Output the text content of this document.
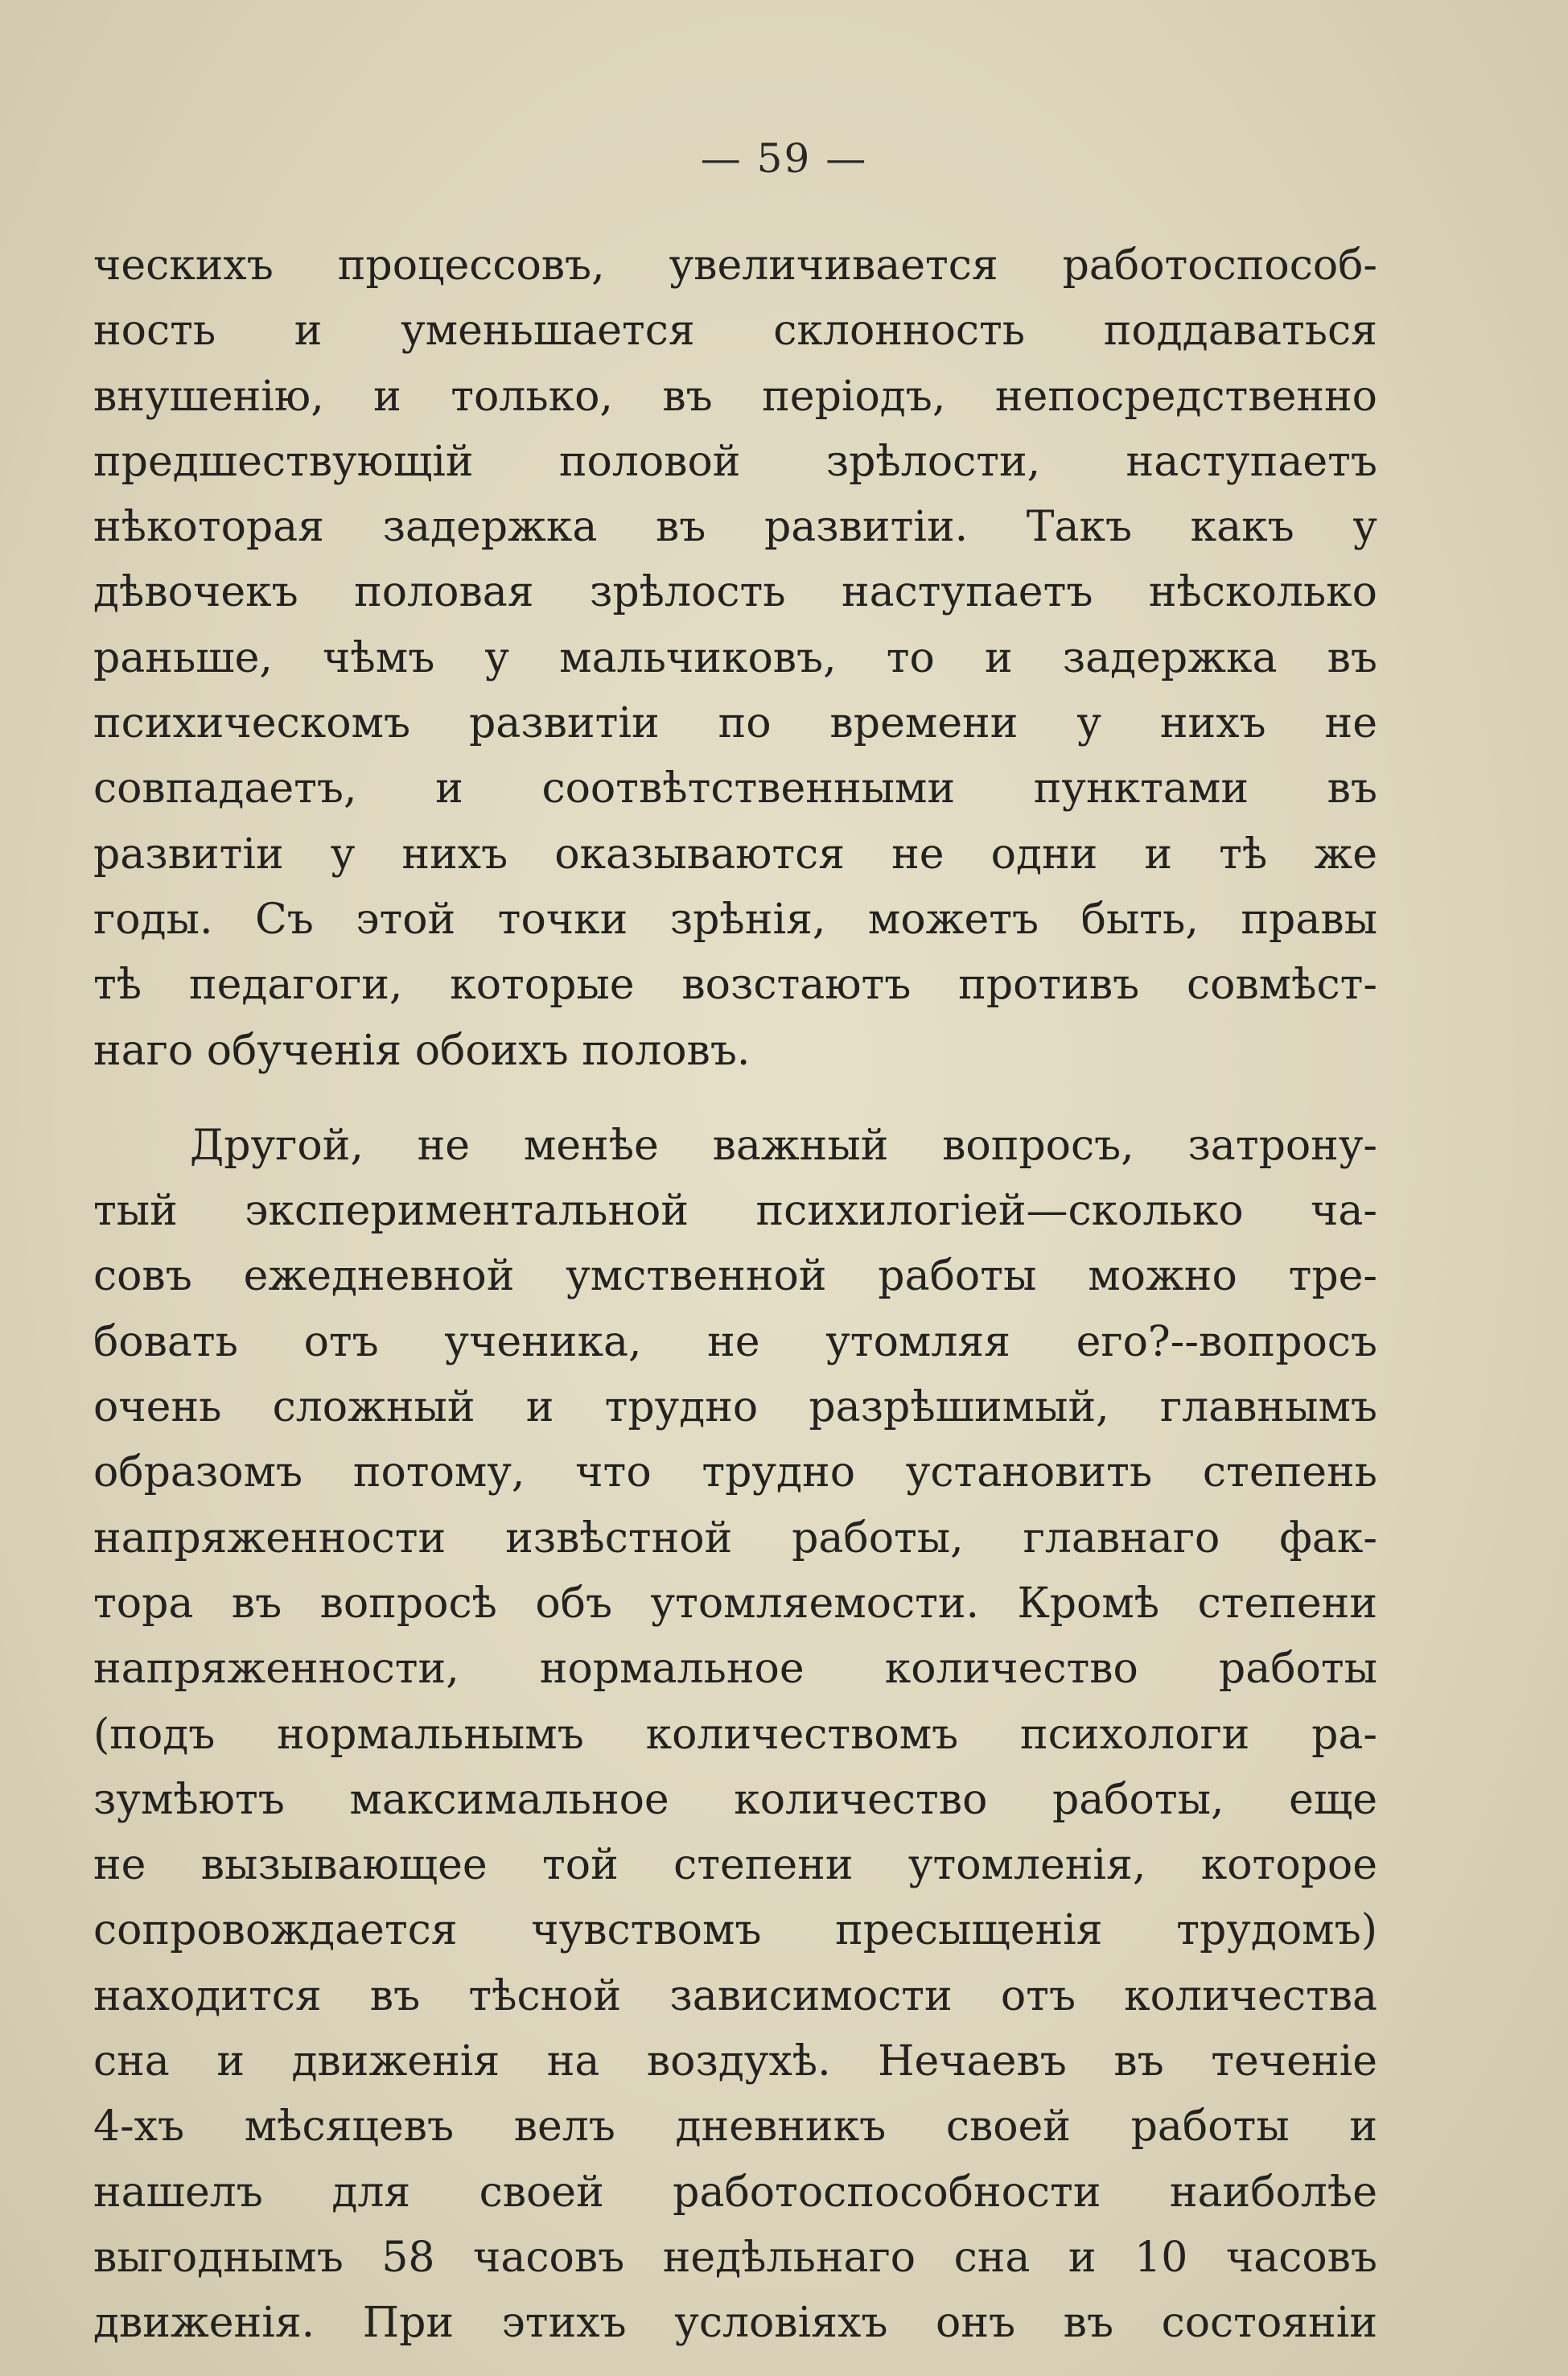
— 59 —
ческихъ процессовъ, увеличивается работоспособ-
ность и уменьшается склонность поддаваться
внушенію, и только, въ періодъ, непосредственно
предшествующій половой зрѣлости, наступаетъ
нѣкоторая задержка въ развитіи. Такъ какъ у
дѣвочекъ половая зрѣлость наступаетъ нѣсколько
раньше, чѣмъ у мальчиковъ, то и задержка въ
психическомъ развитіи по времени у нихъ не
совпадаетъ, и соотвѣтственными пунктами въ
развитіи у нихъ оказываются не одни и тѣ же
годы. Съ этой точки зрѣнія, можетъ быть, правы
тѣ педагоги, которые возстаютъ противъ совмѣст-
наго обученія обоихъ половъ.
Другой, не менѣе важный вопросъ, затрону-
тый экспериментальной психилогіей—сколько ча-
совъ ежедневной умственной работы можно тре-
бовать отъ ученика, не утомляя его?--вопросъ
очень сложный и трудно разрѣшимый, главнымъ
образомъ потому, что трудно установить степень
напряженности извѣстной работы, главнаго фак-
тора въ вопросѣ объ утомляемости. Кромѣ степени
напряженности, нормальное количество работы
(подъ нормальнымъ количествомъ психологи ра-
зумѣютъ максимальное количество работы, еще
не вызывающее той степени утомленія, которое
сопровождается чувствомъ пресыщенія трудомъ)
находится въ тѣсной зависимости отъ количества
сна и движенія на воздухѣ. Нечаевъ въ теченіе
4-хъ мѣсяцевъ велъ дневникъ своей работы и
нашелъ для своей работоспособности наиболѣе
выгоднымъ 58 часовъ недѣльнаго сна и 10 часовъ
движенія. При этихъ условіяхъ онъ въ состояніи
